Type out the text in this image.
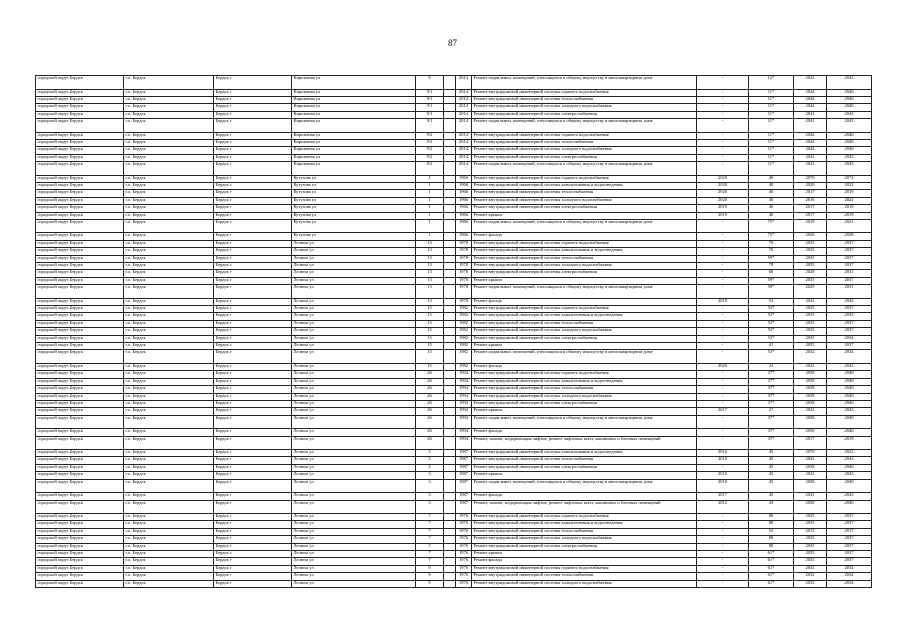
87
городской округ Бердск	г.о. Бердск	Бердск г	Кирпичная ул	9		2013	Ремонт подвальных помещений, относящихся к общему имуществу в многоквартирном доме	-	12*	2041	2043
городской округ Бердск	г.о. Бердск	Бердск г	Кирпичная ул	9/1		2014	Ремонт внутридомовой инженерной системы горячего водоснабжения	-	11*	2044	2046
городской округ Бердск	г.о. Бердск	Бердск г	Кирпичная ул	9/1		2014	Ремонт внутридомовой инженерной системы теплоснабжения	-	11*	2044	2046
городской округ Бердск	г.о. Бердск	Бердск г	Кирпичная ул	9/1		2014	Ремонт внутридомовой инженерной системы холодного водоснабжения	-	11*	2044	2046
городской округ Бердск	г.о. Бердск	Бердск г	Кирпичная ул	9/1		2014	Ремонт внутридомовой инженерной системы электроснабжения	-	11*	2041	2043
городской округ Бердск	г.о. Бердск	Бердск г	Кирпичная ул	9/1		2014	Ремонт подвальных помещений, относящихся к общему имуществу в многоквартирном доме	-	11*	2041	2043
городской округ Бердск	г.о. Бердск	Бердск г	Кирпичная ул	9/2		2014	Ремонт внутридомовой инженерной системы горячего водоснабжения	-	11*	2044	2046
городской округ Бердск	г.о. Бердск	Бердск г	Кирпичная ул	9/2		2014	Ремонт внутридомовой инженерной системы теплоснабжения	-	11*	2044	2046
городской округ Бердск	г.о. Бердск	Бердск г	Кирпичная ул	9/2		2014	Ремонт внутридомовой инженерной системы холодного водоснабжения	-	11*	2044	2046
городской округ Бердск	г.о. Бердск	Бердск г	Кирпичная ул	9/2		2014	Ремонт внутридомовой инженерной системы электроснабжения	-	11*	2041	2043
городской округ Бердск	г.о. Бердск	Бердск г	Кирпичная ул	9/2		2014	Ремонт подвальных помещений, относящихся к общему имуществу в многоквартирном доме	-	11*	2041	2043
городской округ Бердск	г.о. Бердск	Бердск г	Кутузова ул	1		1966	Ремонт внутридомовой инженерной системы горячего водоснабжения	2020	40	2070	2072
городской округ Бердск	г.о. Бердск	Бердск г	Кутузова ул	1		1966	Ремонт внутридомовой инженерной системы канализования и водоотведения	2020	40	2020	2022
городской округ Бердск	г.о. Бердск	Бердск г	Кутузова ул	1		1966	Ремонт внутридомовой инженерной системы теплоснабжения	2020	40	2017	2019
городской округ Бердск	г.о. Бердск	Бердск г	Кутузова ул	1		1966	Ремонт внутридомовой инженерной системы холодного водоснабжения	2020	40	2016	2022
городской округ Бердск	г.о. Бердск	Бердск г	Кутузова ул	1		1966	Ремонт внутридомовой инженерной системы электроснабжения	2019	40	2017	2019
городской округ Бердск	г.о. Бердск	Бердск г	Кутузова ул	1		1966	Ремонт крыши	2019	40	2017	2019
городской округ Бердск	г.о. Бердск	Бердск г	Кутузова ул	1		1966	Ремонт подвальных помещений, относящихся к общему имуществу в многоквартирном доме	-	75*	2019	2021
городской округ Бердск	г.о. Бердск	Бердск г	Кутузова ул	1		1966	Ремонт фасада	-	75*	2026	2028
городской округ Бердск	г.о. Бердск	Бердск г	Лелюха ул	13		1978	Ремонт внутридомовой инженерной системы горячего водоснабжения	-	70	2035	2037
городской округ Бердск	г.о. Бердск	Бердск г	Лелюха ул	13		1978	Ремонт внутридомовой инженерной системы канализования и водоотведения	-	70	2035	2037
городской округ Бердск	г.о. Бердск	Бердск г	Лелюха ул	13		1978	Ремонт внутридомовой инженерной системы теплоснабжения	-	59*	2035	2037
городской округ Бердск	г.о. Бердск	Бердск г	Лелюха ул	13		1978	Ремонт внутридомовой инженерной системы холодного водоснабжения	-	70	2035	2037
городской округ Бердск	г.о. Бердск	Бердск г	Лелюха ул	13		1978	Ремонт внутридомовой инженерной системы электроснабжения	-	60	2028	2031
городской округ Бердск	г.о. Бердск	Бердск г	Лелюха ул	13		1978	Ремонт крыши	-	59*	2035	2037
городской округ Бердск	г.о. Бердск	Бердск г	Лелюха ул	13		1978	Ремонт подвальных помещений, относящихся к общему имуществу в многоквартирном доме	-	59*	2029	2031
городской округ Бердск	г.о. Бердск	Бердск г	Лелюха ул	13		1976	Ремонт фасада	2018	53	2041	2042
городской округ Бердск	г.о. Бердск	Бердск г	Лелюха ул	15		1982	Ремонт внутридомовой инженерной системы горячего водоснабжения	-	53*	2035	2037
городской округ Бердск	г.о. Бердск	Бердск г	Лелюха ул	15		1982	Ремонт внутридомовой инженерной системы канализования и водоотведения	-	53*	2033	2035
городской округ Бердск	г.о. Бердск	Бердск г	Лелюха ул	15		1982	Ремонт внутридомовой инженерной системы теплоснабжения	-	53*	2035	2037
городской округ Бердск	г.о. Бердск	Бердск г	Лелюха ул	15		1982	Ремонт внутридомовой инженерной системы холодного водоснабжения	-	53*	2035	2037
городской округ Бердск	г.о. Бердск	Бердск г	Лелюха ул	15		1982	Ремонт внутридомовой инженерной системы электроснабжения	-	53*	2035	2034
городской округ Бердск	г.о. Бердск	Бердск г	Лелюха ул	15		1982	Ремонт крыши	-	41	2035	2037
городской округ Бердск	г.о. Бердск	Бердск г	Лелюха ул	15		1982	Ремонт подвальных помещений, относящихся к общему имуществу в многоквартирном доме	-	53*	2032	2034
городской округ Бердск	г.о. Бердск	Бердск г	Лелюха ул	15		1982	Ремонт фасада	2020	22	2041	2043
городской округ Бердск	г.о. Бердск	Бердск г	Лелюха ул	26		1994	Ремонт внутридомовой инженерной системы горячего водоснабжения	-	37*	2038	2040
городской округ Бердск	г.о. Бердск	Бердск г	Лелюха ул	26		1994	Ремонт внутридомовой инженерной системы канализования и водоотведения	-	37*	2038	2040
городской округ Бердск	г.о. Бердск	Бердск г	Лелюха ул	26		1994	Ремонт внутридомовой инженерной системы теплоснабжения	-	37*	2038	2040
городской округ Бердск	г.о. Бердск	Бердск г	Лелюха ул	26		1994	Ремонт внутридомовой инженерной системы холодного водоснабжения	-	37*	2038	2040
городской округ Бердск	г.о. Бердск	Бердск г	Лелюха ул	26		1994	Ремонт внутридомовой инженерной системы электроснабжения	-	37*	2038	2040
городской округ Бердск	г.о. Бердск	Бердск г	Лелюха ул	26		1994	Ремонт крыши	2017	27	2041	2043
городской округ Бердск	г.о. Бердск	Бердск г	Лелюха ул	26		1994	Ремонт подвальных помещений, относящихся к общему имуществу в многоквартирном доме	-	37*	2038	2040
городской округ Бердск	г.о. Бердск	Бердск г	Лелюха ул	26		1994	Ремонт фасада	-	37*	2050	2046
городской округ Бердск	г.о. Бердск	Бердск г	Лелюха ул	26		1994	Ремонт, замена, модернизация лифтов, ремонт лифтовых шахт, машинных и блочных помещений	-	37*	2017	2019
городской округ Бердск	г.о. Бердск	Бердск г	Лелюха ул	3		1987	Ремонт внутридомовой инженерной системы канализования и водоотведения	2010	45	2070	2022
городской округ Бердск	г.о. Бердск	Бердск г	Лелюха ул	3		1987	Ремонт внутридомовой инженерной системы теплоснабжения	2010	45	2041	2043
городской округ Бердск	г.о. Бердск	Бердск г	Лелюха ул	3		1987	Ремонт внутридомовой инженерной системы электроснабжения	-	45	2038	2040
городской округ Бердск	г.о. Бердск	Бердск г	Лелюха ул	3		1987	Ремонт крыши	2010	45	2041	2043
городской округ Бердск	г.о. Бердск	Бердск г	Лелюха ул	3		1987	Ремонт подвальных помещений, относящихся к общему имуществу в многоквартирном доме	2010	45	2038	2040
городской округ Бердск	г.о. Бердск	Бердск г	Лелюха ул	3		1987	Ремонт фасада	2017	45	2041	2043
городской округ Бердск	г.о. Бердск	Бердск г	Лелюха ул	3		1987	Ремонт, замена, модернизация лифтов, ремонт лифтовых шахт, машинных и блочных помещений	2012	43	2038	2040
городской округ Бердск	г.о. Бердск	Бердск г	Лелюха ул	7		1976	Ремонт внутридомовой инженерной системы горячего водоснабжения	-	80	2035	2037
городской округ Бердск	г.о. Бердск	Бердск г	Лелюха ул	7		1976	Ремонт внутридомовой инженерной системы канализования и водоотведения	-	80	2035	2037
городской округ Бердск	г.о. Бердск	Бердск г	Лелюха ул	7		1976	Ремонт внутридомовой инженерной системы теплоснабжения	-	55	2015	2017
городской округ Бердск	г.о. Бердск	Бердск г	Лелюха ул	7		1976	Ремонт внутридомовой инженерной системы холодного водоснабжения	-	80	2035	2037
городской округ Бердск	г.о. Бердск	Бердск г	Лелюха ул	7		1976	Ремонт внутридомовой инженерной системы электроснабжения	-	80	2035	2037
городской округ Бердск	г.о. Бердск	Бердск г	Лелюха ул	7		1976	Ремонт крыши	-	61*	2035	2037
городской округ Бердск	г.о. Бердск	Бердск г	Лелюха ул	7		1976	Ремонт фасада	-	61*	2035	2037
городской округ Бердск	г.о. Бердск	Бердск г	Лелюха ул	9		1976	Ремонт внутридомовой инженерной системы горячего водоснабжения	-	61*	2032	2034
городской округ Бердск	г.о. Бердск	Бердск г	Лелюха ул	9		1976	Ремонт внутридомовой инженерной системы теплоснабжения	-	61*	2032	2034
городской округ Бердск	г.о. Бердск	Бердск г	Лелюха ул	9		1976	Ремонт внутридомовой инженерной системы холодного водоснабжения	-	61*	2032	2034
